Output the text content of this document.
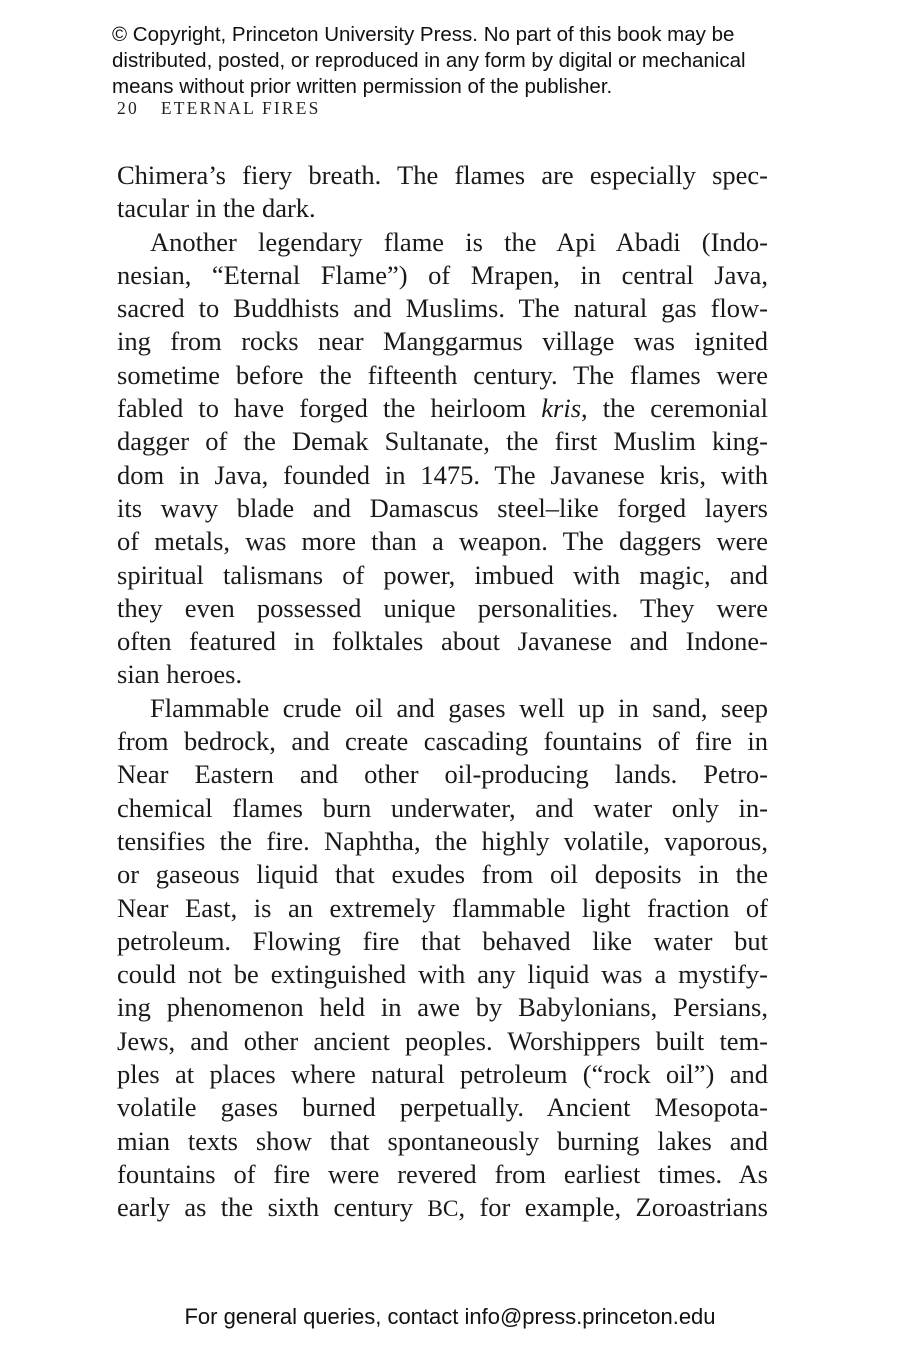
© Copyright, Princeton University Press. No part of this book may be
distributed, posted, or reproduced in any form by digital or mechanical
means without prior written permission of the publisher.
20 ETERNAL FIRES

Chimera’s fiery breath. The flames are especially spec-
tacular in the dark.

Another legendary flame is the Api Abadi (Indo-
nesian, “Eternal Flame”) of Mrapen, in central Java,
sacred to Buddhists and Muslims. The natural gas flow-
ing from rocks near Manggarmus village was ignited
sometime before the fifteenth century. The flames were
fabled to have forged the heirloom kris, the ceremonial
dagger of the Demak Sultanate, the first Muslim king-
dom in Java, founded in 1475. The Javanese kris, with
its wavy blade and Damascus steel–like forged layers
of metals, was more than a weapon. The daggers were
spiritual talismans of power, imbued with magic, and
they even possessed unique personalities. They were
often featured in folktales about Javanese and Indone-
sian heroes.

Flammable crude oil and gases well up in sand, seep
from bedrock, and create cascading fountains of fire in
Near Eastern and other oil-producing lands. Petro-
chemical flames burn underwater, and water only in-
tensifies the fire. Naphtha, the highly volatile, vaporous,
or gaseous liquid that exudes from oil deposits in the
Near East, is an extremely flammable light fraction of
petroleum. Flowing fire that behaved like water but
could not be extinguished with any liquid was a mystify-
ing phenomenon held in awe by Babylonians, Persians,
Jews, and other ancient peoples. Worshippers built tem-
ples at places where natural petroleum (“rock oil”) and
volatile gases burned perpetually. Ancient Mesopota-
mian texts show that spontaneously burning lakes and
fountains of fire were revered from earliest times. As
early as the sixth century BC, for example, Zoroastrians

For general queries, contact info@press.princeton.edu
